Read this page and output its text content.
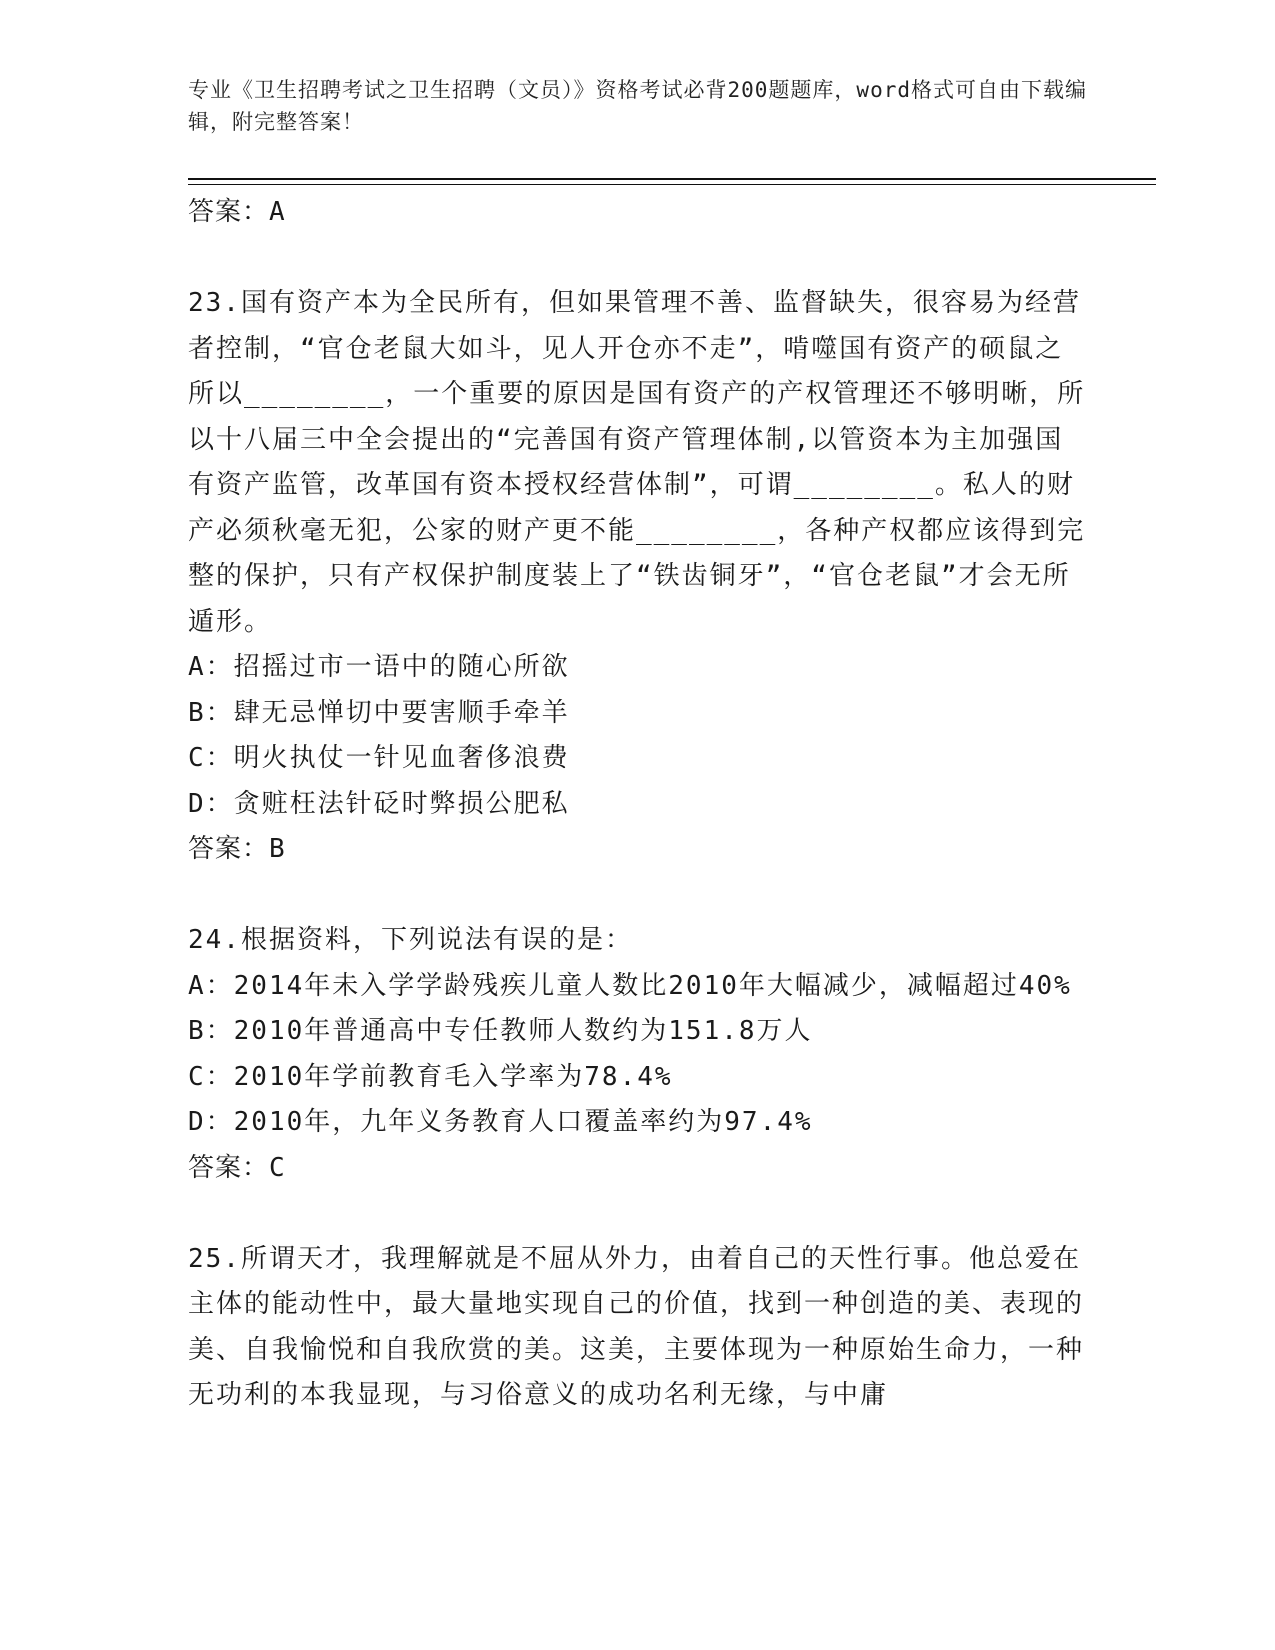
专业《卫生招聘考试之卫生招聘（文员）》资格考试必背200题题库，word格式可自由下载编辑，附完整答案！

答案：A

23.国有资产本为全民所有，但如果管理不善、监督缺失，很容易为经营者控制，“官仓老鼠大如斗，见人开仓亦不走”，啃噬国有资产的硕鼠之所以________，一个重要的原因是国有资产的产权管理还不够明晰，所以十八届三中全会提出的“完善国有资产管理体制,以管资本为主加强国有资产监管，改革国有资本授权经营体制”，可谓________。私人的财产必须秋毫无犯，公家的财产更不能________，各种产权都应该得到完整的保护，只有产权保护制度装上了“铁齿铜牙”，“官仓老鼠”才会无所遁形。

A：招摇过市一语中的随心所欲

B：肆无忌惮切中要害顺手牵羊

C：明火执仗一针见血奢侈浪费

D：贪赃枉法针砭时弊损公肥私

答案：B

24.根据资料，下列说法有误的是：

A：2014年未入学学龄残疾儿童人数比2010年大幅减少，减幅超过40%

B：2010年普通高中专任教师人数约为151.8万人

C：2010年学前教育毛入学率为78.4%

D：2010年，九年义务教育人口覆盖率约为97.4%

答案：C

25.所谓天才，我理解就是不屈从外力，由着自己的天性行事。他总爱在主体的能动性中，最大量地实现自己的价值，找到一种创造的美、表现的美、自我愉悦和自我欣赏的美。这美，主要体现为一种原始生命力，一种无功利的本我显现，与习俗意义的成功名利无缘，与中庸
